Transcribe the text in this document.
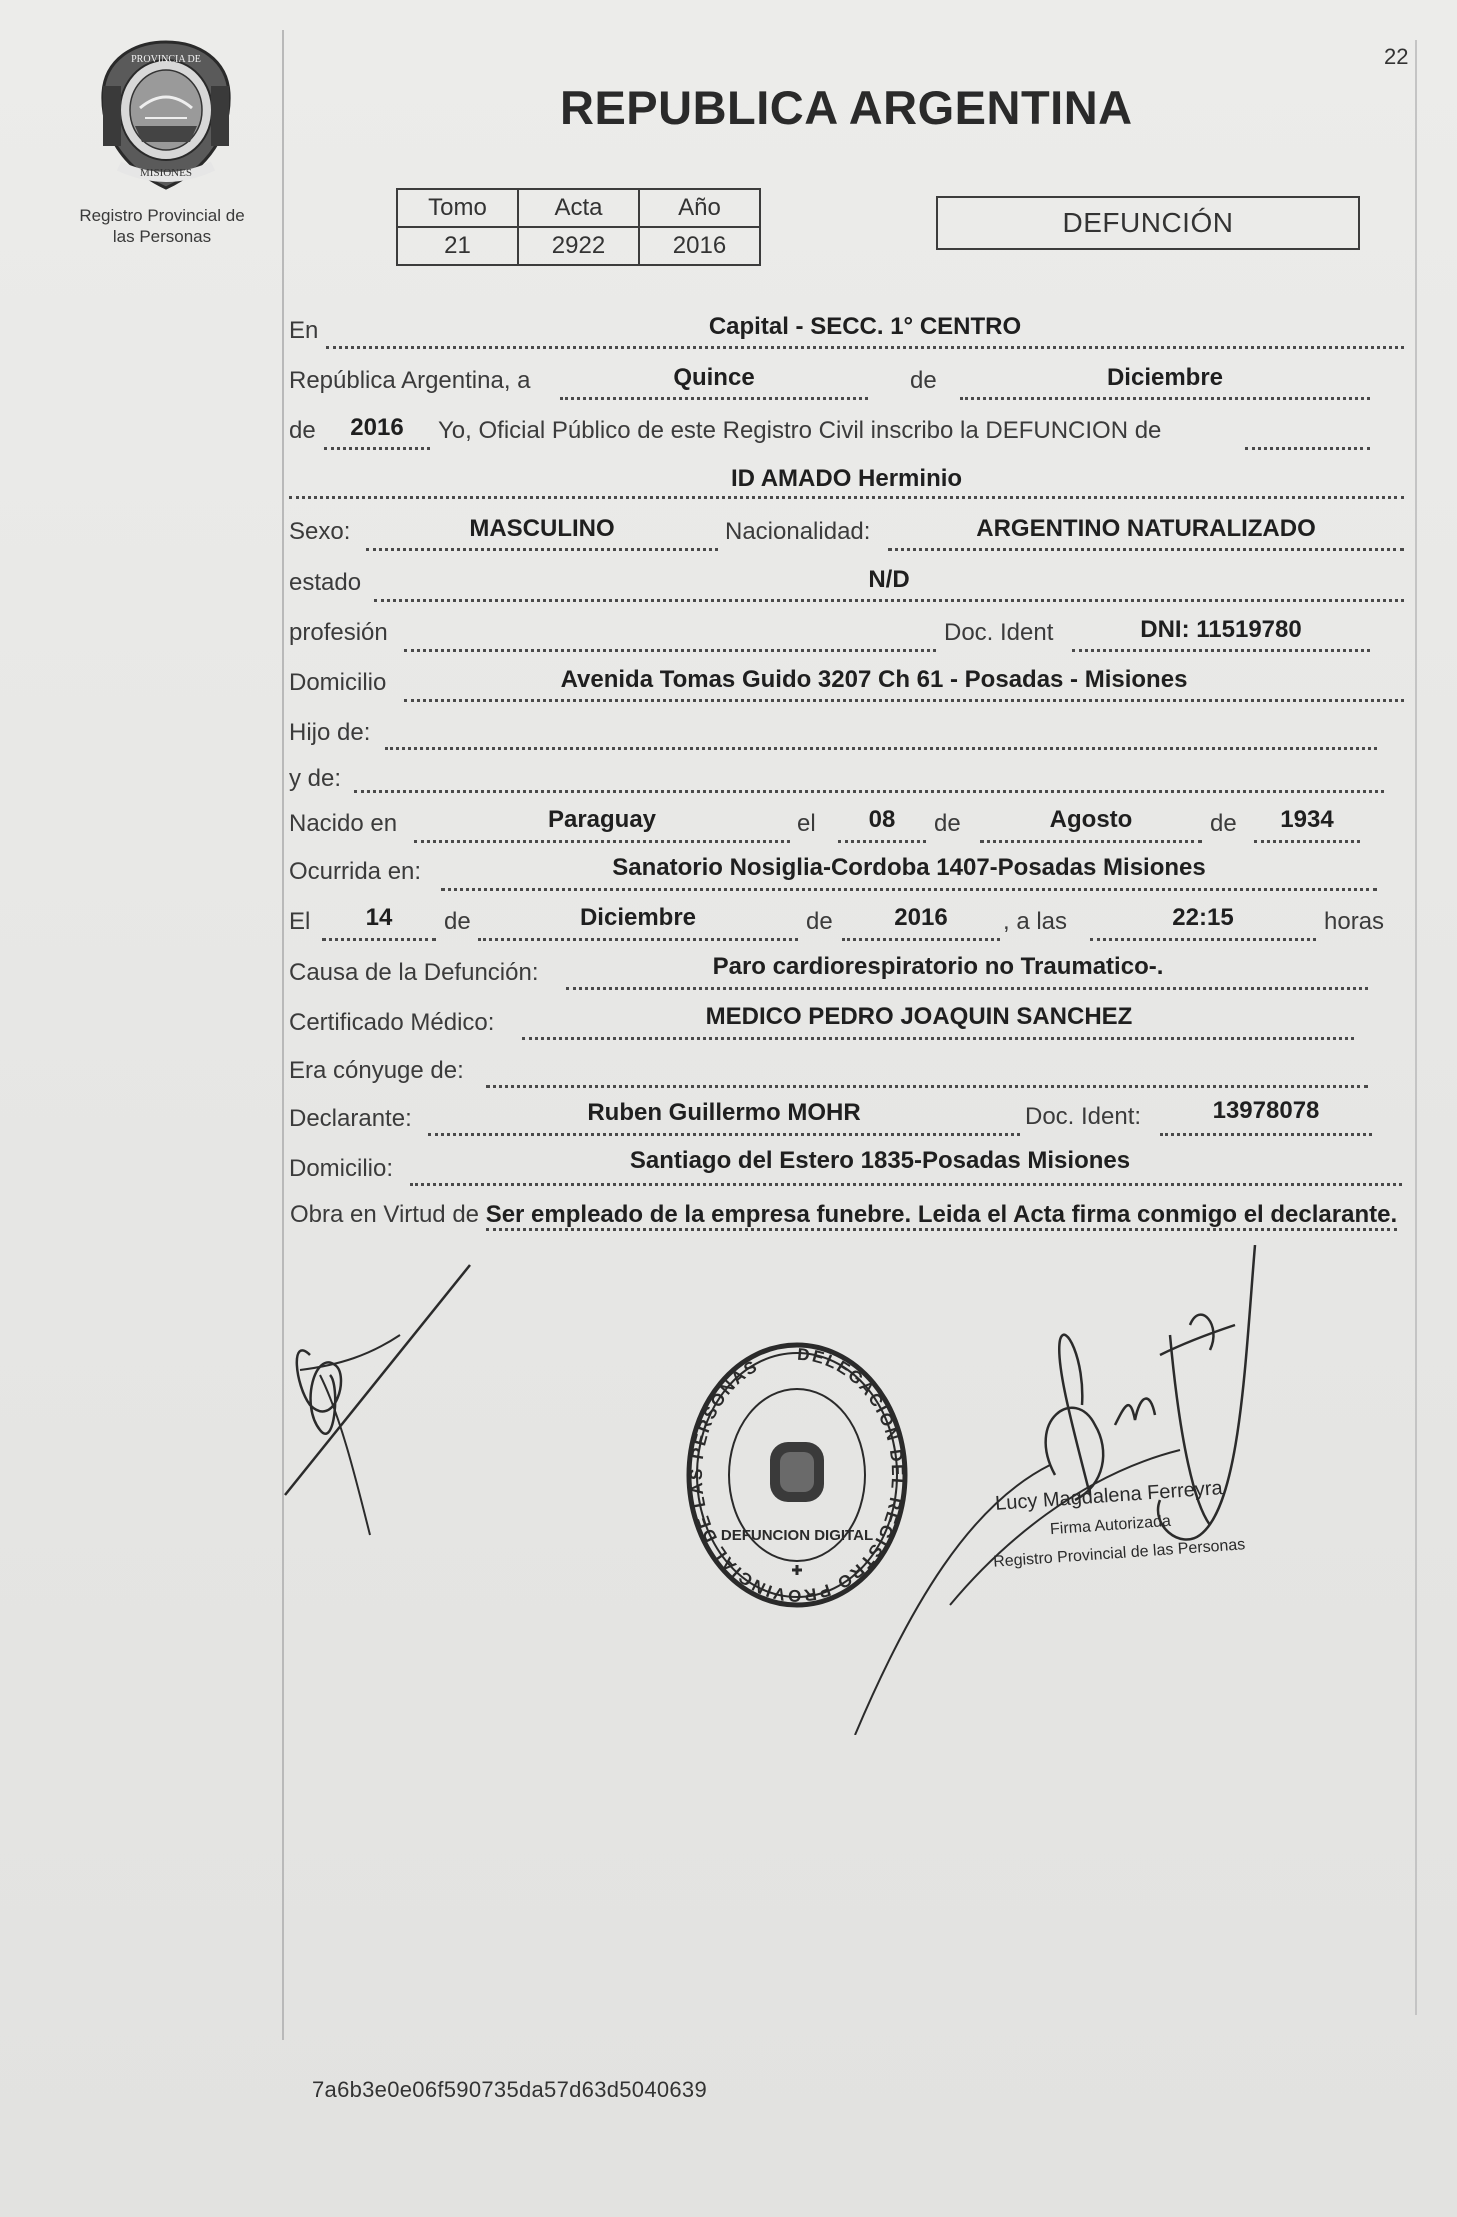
22
PROVINCIA DE
MISIONES
Registro Provincial de
las Personas
REPUBLICA ARGENTINA
Tomo	Acta	Año
21	2922	2016
DEFUNCIÓN
En	Capital - SECC. 1° CENTRO
República Argentina, a	Quince	de	Diciembre
de	2016	Yo, Oficial Público de este Registro Civil inscribo la DEFUNCION de
ID AMADO Herminio
Sexo:	MASCULINO	Nacionalidad:	ARGENTINO NATURALIZADO
estado	N/D
profesión	Doc. Ident	DNI: 11519780
Domicilio	Avenida Tomas Guido 3207 Ch 61 - Posadas - Misiones
Hijo de:
y de:
Nacido en	Paraguay	el	08	de	Agosto	de	1934
Ocurrida en:	Sanatorio Nosiglia-Cordoba 1407-Posadas Misiones
El	14	de	Diciembre	de	2016	, a las	22:15	horas
Causa de la Defunción:	Paro cardiorespiratorio no Traumatico-.
Certificado Médico:	MEDICO PEDRO JOAQUIN SANCHEZ
Era cónyuge de:
Declarante:	Ruben Guillermo MOHR	Doc. Ident:	13978078
Domicilio:	Santiago del Estero 1835-Posadas Misiones
Obra en Virtud de Ser empleado de la empresa funebre. Leida el Acta firma conmigo el declarante.
DELEGACION DEL REGISTRO PROVINCIAL DE LAS PERSONAS
DEFUNCION DIGITAL
Lucy Magdalena Ferreyra
Firma Autorizada
Registro Provincial de las Personas
7a6b3e0e06f590735da57d63d5040639
